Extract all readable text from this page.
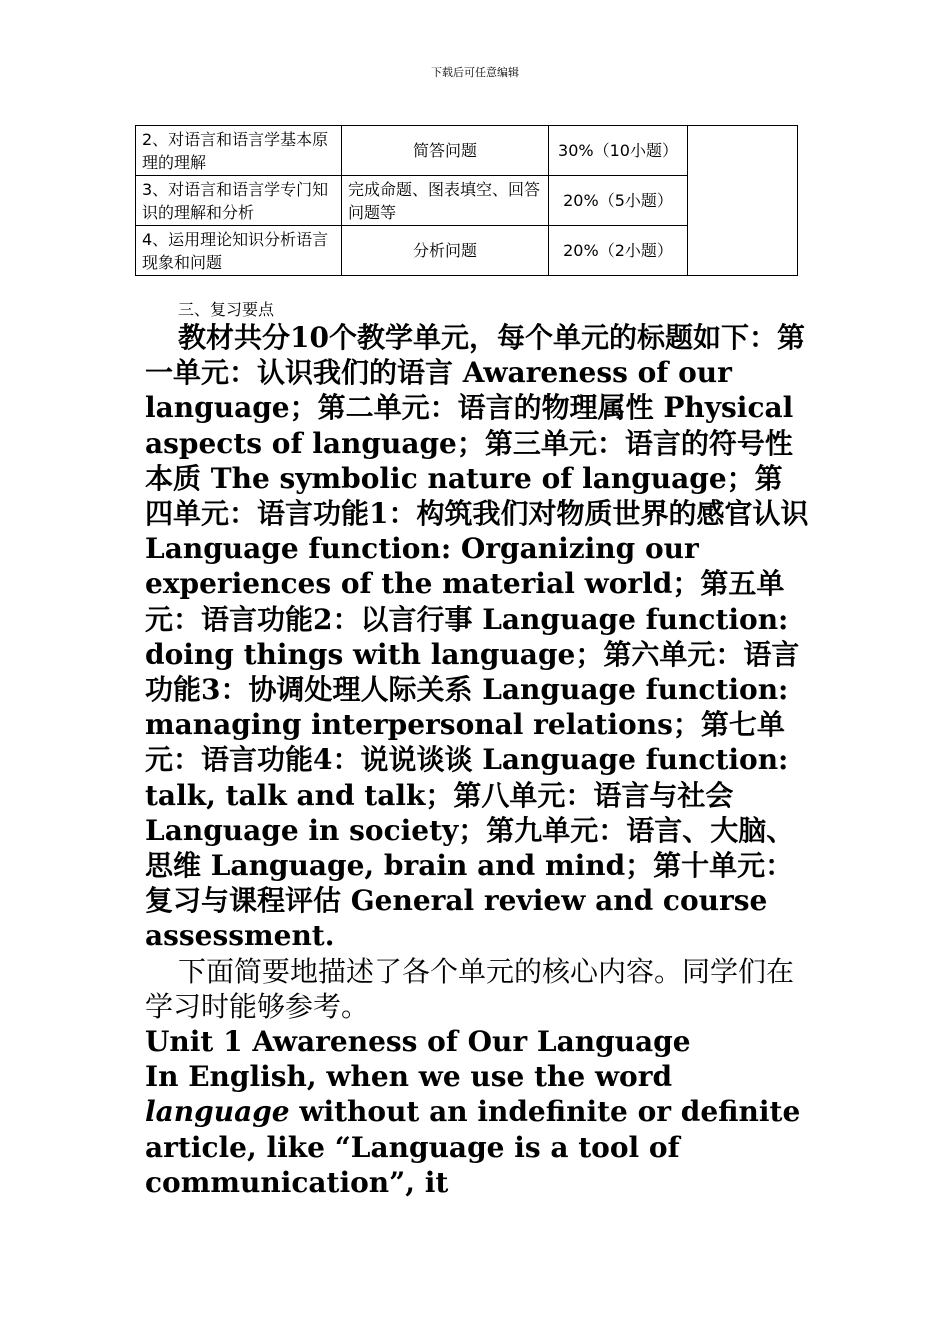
下载后可任意编辑
2、对语言和语言学基本原理的理解	简答问题	30%（10小题）	
3、对语言和语言学专门知识的理解和分析	完成命题、图表填空、回答问题等	20%（5小题）	
4、运用理论知识分析语言现象和问题	分析问题	20%（2小题）	
三、复习要点

教材共分10个教学单元，每个单元的标题如下：第一单元：认识我们的语言 Awareness of our language；第二单元：语言的物理属性 Physical aspects of language；第三单元：语言的符号性本质 The symbolic nature of language；第四单元：语言功能1：构筑我们对物质世界的感官认识 Language function: Organizing our experiences of the material world；第五单元：语言功能2：以言行事 Language function: doing things with language；第六单元：语言功能3：协调处理人际关系 Language function: managing interpersonal relations；第七单元：语言功能4：说说谈谈 Language function: talk, talk and talk；第八单元：语言与社会 Language in society；第九单元：语言、大脑、思维 Language, brain and mind；第十单元：复习与课程评估 General review and course assessment.

下面简要地描述了各个单元的核心内容。同学们在学习时能够参考。

Unit 1 Awareness of Our Language

In English, when we use the word language without an indefinite or definite article, like “Language is a tool of communication”, it
